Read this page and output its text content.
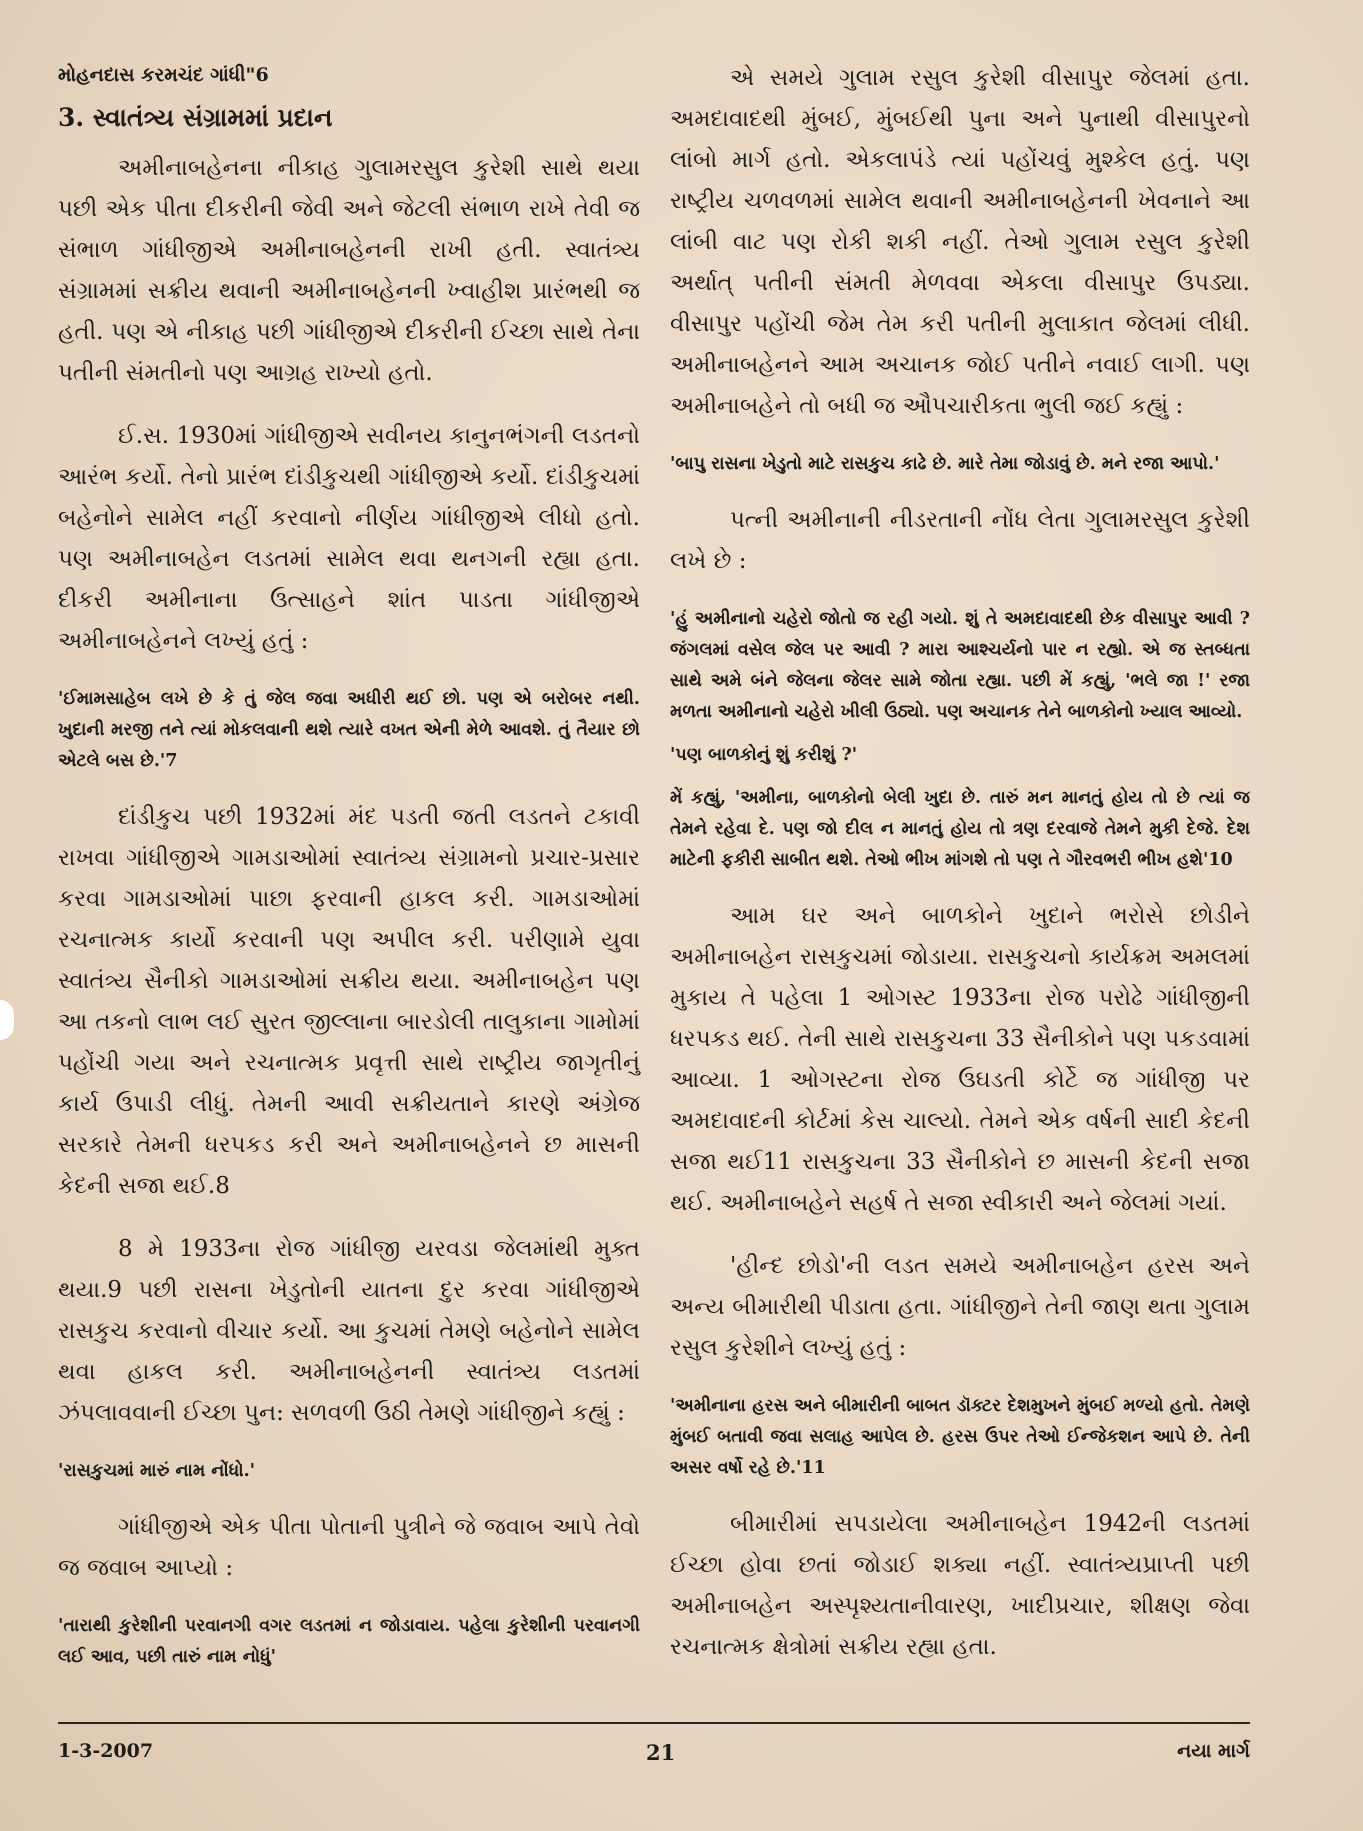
મોહનદાસ કરમચંદ ગાંધી"6

3. સ્વાતંત્ર્ય સંગ્રામમાં પ્રદાન

અમીનાબહેનના નીકાહ ગુલામરસુલ કુરેશી સાથે થયા પછી એક પીતા દીકરીની જેવી અને જેટલી સંભાળ રાખે તેવી જ સંભાળ ગાંધીજીએ અમીનાબહેનની રાખી હતી. સ્વાતંત્ર્ય સંગ્રામમાં સક્રીય થવાની અમીનાબહેનની ખ્વાહીશ પ્રારંભથી જ હતી. પણ એ નીકાહ પછી ગાંધીજીએ દીકરીની ઈચ્છા સાથે તેના પતીની સંમતીનો પણ આગ્રહ રાખ્યો હતો.

ઈ.સ. 1930માં ગાંધીજીએ સવીનય કાનુનભંગની લડતનો આરંભ કર્યો. તેનો પ્રારંભ દાંડીકુચથી ગાંધીજીએ કર્યો. દાંડીકુચમાં બહેનોને સામેલ નહીં કરવાનો નીર્ણય ગાંધીજીએ લીધો હતો. પણ અમીનાબહેન લડતમાં સામેલ થવા થનગની રહ્યા હતા. દીકરી અમીનાના ઉત્સાહને શાંત પાડતા ગાંધીજીએ અમીનાબહેનને લખ્યું હતું :

'ઈમામસાહેબ લખે છે કે તું જેલ જવા અધીરી થઈ છો. પણ એ બરોબર નથી. ખુદાની મરજી તને ત્યાં મોકલવાની થશે ત્યારે વખત એની મેળે આવશે. તું તૈયાર છો એટલે બસ છે.'7

દાંડીકુચ પછી 1932માં મંદ પડતી જતી લડતને ટકાવી રાખવા ગાંધીજીએ ગામડાઓમાં સ્વાતંત્ર્ય સંગ્રામનો પ્રચાર-પ્રસાર કરવા ગામડાઓમાં પાછા ફરવાની હાકલ કરી. ગામડાઓમાં રચનાત્મક કાર્યો કરવાની પણ અપીલ કરી. પરીણામે યુવા સ્વાતંત્ર્ય સૈનીકો ગામડાઓમાં સક્રીય થયા. અમીનાબહેન પણ આ તકનો લાભ લઈ સુરત જીલ્લાના બારડોલી તાલુકાના ગામોમાં પહોંચી ગયા અને રચનાત્મક પ્રવૃત્તી સાથે રાષ્ટ્રીય જાગૃતીનું કાર્ય ઉપાડી લીધું. તેમની આવી સક્રીયતાને કારણે અંગ્રેજ સરકારે તેમની ધરપકડ કરી અને અમીનાબહેનને છ માસની કેદની સજા થઈ.8

8 મે 1933ના રોજ ગાંધીજી યરવડા જેલમાંથી મુક્ત થયા.9 પછી રાસના ખેડુતોની યાતના દુર કરવા ગાંધીજીએ રાસકુચ કરવાનો વીચાર કર્યો. આ કુચમાં તેમણે બહેનોને સામેલ થવા હાકલ કરી. અમીનાબહેનની સ્વાતંત્ર્ય લડતમાં ઝંપલાવવાની ઈચ્છા પુન: સળવળી ઉઠી તેમણે ગાંધીજીને કહ્યું :

'રાસકુચમાં મારું નામ નોંધો.'

ગાંધીજીએ એક પીતા પોતાની પુત્રીને જે જવાબ આપે તેવો જ જવાબ આપ્યો :

'તારાથી કુરેશીની પરવાનગી વગર લડતમાં ન જોડાવાય. પહેલા કુરેશીની પરવાનગી લઈ આવ, પછી તારું નામ નોધું'

એ સમયે ગુલામ રસુલ કુરેશી વીસાપુર જેલમાં હતા. અમદાવાદથી મુંબઈ, મુંબઈથી પુના અને પુનાથી વીસાપુરનો લાંબો માર્ગ હતો. એકલાપંડે ત્યાં પહોંચવું મુશ્કેલ હતું. પણ રાષ્ટ્રીય ચળવળમાં સામેલ થવાની અમીનાબહેનની ખેવનાને આ લાંબી વાટ પણ રોકી શકી નહીં. તેઓ ગુલામ રસુલ કુરેશી અર્થાત્ પતીની સંમતી મેળવવા એકલા વીસાપુર ઉપડ્યા. વીસાપુર પહોંચી જેમ તેમ કરી પતીની મુલાકાત જેલમાં લીધી. અમીનાબહેનને આમ અચાનક જોઈ પતીને નવાઈ લાગી. પણ અમીનાબહેને તો બધી જ ઔપચારીકતા ભુલી જઈ કહ્યું :

'બાપુ રાસના ખેડુતો માટે રાસકુચ કાઢે છે. મારે તેમા જોડાવું છે. મને રજા આપો.'

પત્ની અમીનાની નીડરતાની નોંધ લેતા ગુલામરસુલ કુરેશી લખે છે :

'હું અમીનાનો ચહેરો જોતો જ રહી ગયો. શું તે અમદાવાદથી છેક વીસાપુર આવી ? જંગલમાં વસેલ જેલ પર આવી ? મારા આશ્ચર્યનો પાર ન રહ્યો. એ જ સ્તબ્ધતા સાથે અમે બંને જેલના જેલર સામે જોતા રહ્યા. પછી મેં કહ્યું, 'ભલે જા !' રજા મળતા અમીનાનો ચહેરો ખીલી ઉઠ્યો. પણ અચાનક તેને બાળકોનો ખ્યાલ આવ્યો.

'પણ બાળકોનું શું કરીશું ?'

મેં કહ્યું, 'અમીના, બાળકોનો બેલી ખુદા છે. તારું મન માનતું હોય તો છે ત્યાં જ તેમને રહેવા દે. પણ જો દીલ ન માનતું હોય તો ત્રણ દરવાજે તેમને મુકી દેજે. દેશ માટેની ફકીરી સાબીત થશે. તેઓ ભીખ માંગશે તો પણ તે ગૌરવભરી ભીખ હશે'10

આમ ઘર અને બાળકોને ખુદાને ભરોસે છોડીને અમીનાબહેન રાસકુચમાં જોડાયા. રાસકુચનો કાર્યક્રમ અમલમાં મુકાય તે પહેલા 1 ઓગસ્ટ 1933ના રોજ પરોઢે ગાંધીજીની ધરપકડ થઈ. તેની સાથે રાસકુચના 33 સૈનીકોને પણ પકડવામાં આવ્યા. 1 ઓગસ્ટના રોજ ઉઘડતી કોર્ટે જ ગાંધીજી પર અમદાવાદની કોર્ટમાં કેસ ચાલ્યો. તેમને એક વર્ષની સાદી કેદની સજા થઈ11 રાસકુચના 33 સૈનીકોને છ માસની કેદની સજા થઈ. અમીનાબહેને સહર્ષ તે સજા સ્વીકારી અને જેલમાં ગયાં.

'હીન્દ છોડો'ની લડત સમયે અમીનાબહેન હરસ અને અન્ય બીમારીથી પીડાતા હતા. ગાંધીજીને તેની જાણ થતા ગુલામ રસુલ કુરેશીને લખ્યું હતું :

'અમીનાના હરસ અને બીમારીની બાબત ડૉક્ટર દેશમુખને મુંબઈ મળ્યો હતો. તેમણે મુંબઈ બતાવી જવા સલાહ આપેલ છે. હરસ ઉપર તેઓ ઈન્જેકશન આપે છે. તેની અસર વર્ષો રહે છે.'11

બીમારીમાં સપડાયેલા અમીનાબહેન 1942ની લડતમાં ઈચ્છા હોવા છતાં જોડાઈ શક્યા નહીં. સ્વાતંત્ર્યપ્રાપ્તી પછી અમીનાબહેન અસ્પૃશ્યતાનીવારણ, ખાદીપ્રચાર, શીક્ષણ જેવા રચનાત્મક ક્ષેત્રોમાં સક્રીય રહ્યા હતા.

1-3-2007	21	નયા માર્ગ
